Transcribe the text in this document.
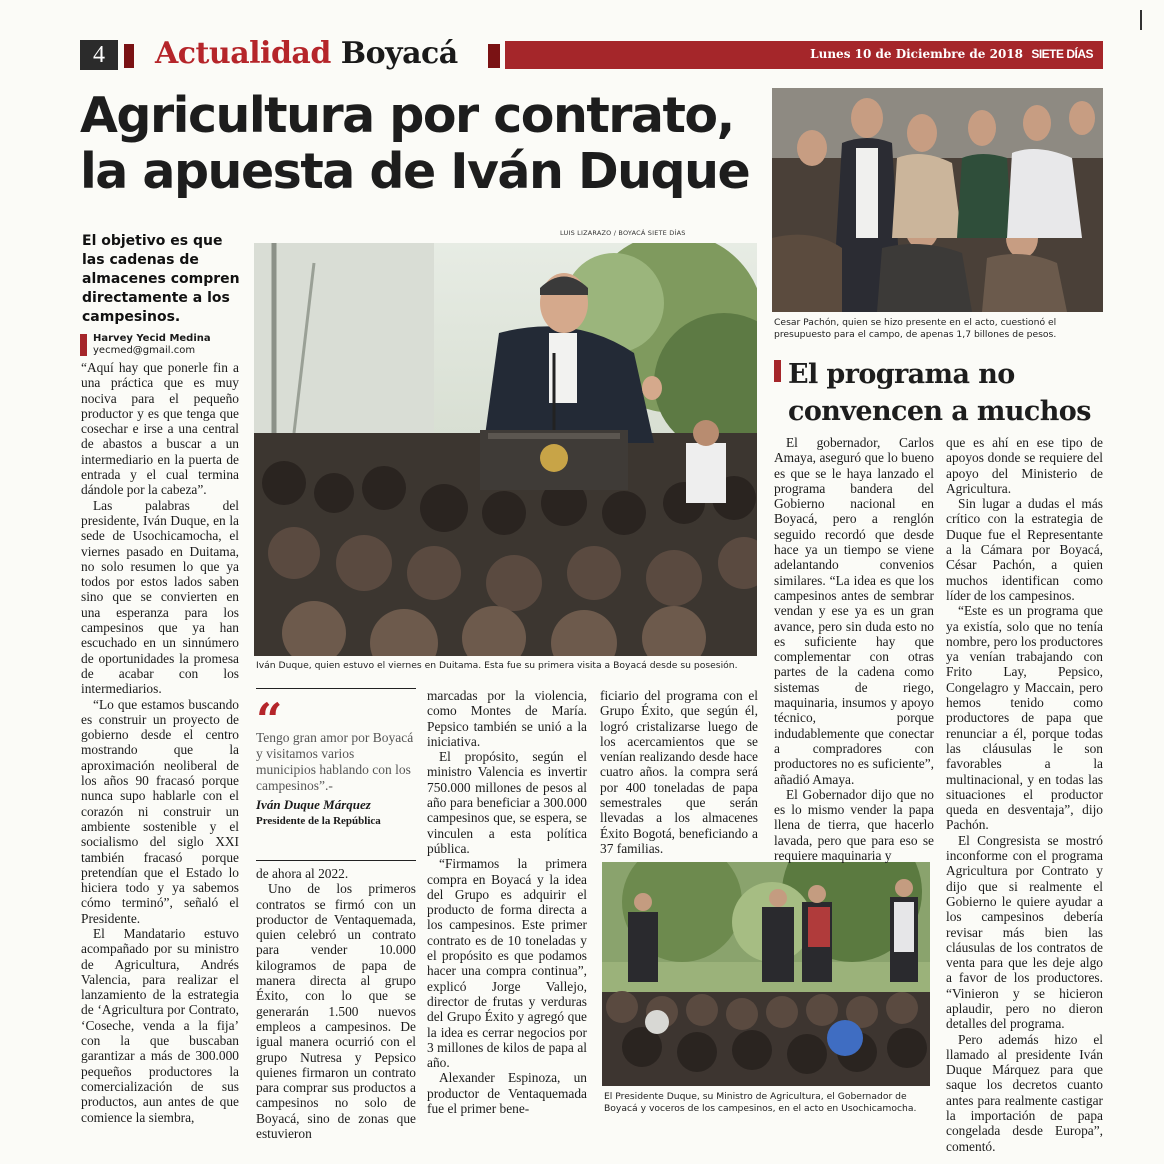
4	Actualidad Boyacá	Lunes 10 de Diciembre de 2018 SIETE DÍAS
Agricultura por contrato,
la apuesta de Iván Duque
El objetivo es que las cadenas de almacenes compren directamente a los campesinos.
Harvey Yecid Medina
yecmed@gmail.com
LUIS LIZARAZO / BOYACÁ SIETE DÍAS
Iván Duque, quien estuvo el viernes en Duitama. Esta fue su primera visita a Boyacá desde su posesión.
Cesar Pachón, quien se hizo presente en el acto, cuestionó el presupuesto para el campo, de apenas 1,7 billones de pesos.

“Aquí hay que ponerle fin a una práctica que es muy nociva para el pequeño productor y es que tenga que cosechar e irse a una central de abastos a buscar a un intermediario en la puerta de entrada y el cual termina dándole por la cabeza”.

Las palabras del presidente, Iván Duque, en la sede de Usochicamocha, el viernes pasado en Duitama, no solo resumen lo que ya todos por estos lados saben sino que se convierten en una esperanza para los campesinos que ya han escuchado en un sinnúmero de oportunidades la promesa de acabar con los intermediarios.

“Lo que estamos buscando es construir un proyecto de gobierno desde el centro mostrando que la aproximación neoliberal de los años 90 fracasó porque nunca supo hablarle con el corazón ni construir un ambiente sostenible y el socialismo del siglo XXI también fracasó porque pretendían que el Estado lo hiciera todo y ya sabemos cómo terminó”, señaló el Presidente.

El Mandatario estuvo acompañado por su ministro de Agricultura, Andrés Valencia, para realizar el lanzamiento de la estrategia de ‘Agricultura por Contrato, ‘Coseche, venda a la fija’ con la que buscaban garantizar a más de 300.000 pequeños productores la comercialización de sus productos, aun antes de que comience la siembra,

“
Tengo gran amor por Boyacá y visitamos varios municipios hablando con los campesinos”.-
Iván Duque Márquez
Presidente de la República

de ahora al 2022.

Uno de los primeros contratos se firmó con un productor de Ventaquemada, quien celebró un contrato para vender 10.000 kilogramos de papa de manera directa al grupo Éxito, con lo que se generarán 1.500 nuevos empleos a campesinos. De igual manera ocurrió con el grupo Nutresa y Pepsico quienes firmaron un contrato para comprar sus productos a campesinos no solo de Boyacá, sino de zonas que estuvieron

marcadas por la violencia, como Montes de María. Pepsico también se unió a la iniciativa.

El propósito, según el ministro Valencia es invertir 750.000 millones de pesos al año para beneficiar a 300.000 campesinos que, se espera, se vinculen a esta política pública.

“Firmamos la primera compra en Boyacá y la idea del Grupo es adquirir el producto de forma directa a los campesinos. Este primer contrato es de 10 toneladas y el propósito es que podamos hacer una compra continua”, explicó Jorge Vallejo, director de frutas y verduras del Grupo Éxito y agregó que la idea es cerrar negocios por 3 millones de kilos de papa al año.

Alexander Espinoza, un productor de Ventaquemada fue el primer bene-

ficiario del programa con el Grupo Éxito, que según él, logró cristalizarse luego de los acercamientos que se venían realizando desde hace cuatro años. la compra será por 400 toneladas de papa semestrales que serán llevadas a los almacenes Éxito Bogotá, beneficiando a 37 familias.

El Presidente Duque, su Ministro de Agricultura, el Gobernador de Boyacá y voceros de los campesinos, en el acto en Usochicamocha.
El programa no
convencen a muchos

El gobernador, Carlos Amaya, aseguró que lo bueno es que se le haya lanzado el programa bandera del Gobierno nacional en Boyacá, pero a renglón seguido recordó que desde hace ya un tiempo se viene adelantando convenios similares. “La idea es que los campesinos antes de sembrar vendan y ese ya es un gran avance, pero sin duda esto no es suficiente hay que complementar con otras partes de la cadena como sistemas de riego, maquinaria, insumos y apoyo técnico, porque indudablemente que conectar a compradores con productores no es suficiente”, añadió Amaya.

El Gobernador dijo que no es lo mismo vender la papa llena de tierra, que hacerlo lavada, pero que para eso se requiere maquinaria y

que es ahí en ese tipo de apoyos donde se requiere del apoyo del Ministerio de Agricultura.

Sin lugar a dudas el más crítico con la estrategia de Duque fue el Representante a la Cámara por Boyacá, César Pachón, a quien muchos identifican como líder de los campesinos.

“Este es un programa que ya existía, solo que no tenía nombre, pero los productores ya venían trabajando con Frito Lay, Pepsico, Congelagro y Maccain, pero hemos tenido como productores de papa que renunciar a él, porque todas las cláusulas le son favorables a la multinacional, y en todas las situaciones el productor queda en desventaja”, dijo Pachón.

El Congresista se mostró inconforme con el programa Agricultura por Contrato y dijo que si realmente el Gobierno le quiere ayudar a los campesinos debería revisar más bien las cláusulas de los contratos de venta para que les deje algo a favor de los productores. “Vinieron y se hicieron aplaudir, pero no dieron detalles del programa.

Pero además hizo el llamado al presidente Iván Duque Márquez para que saque los decretos cuanto antes para realmente castigar la importación de papa congelada desde Europa”, comentó.
